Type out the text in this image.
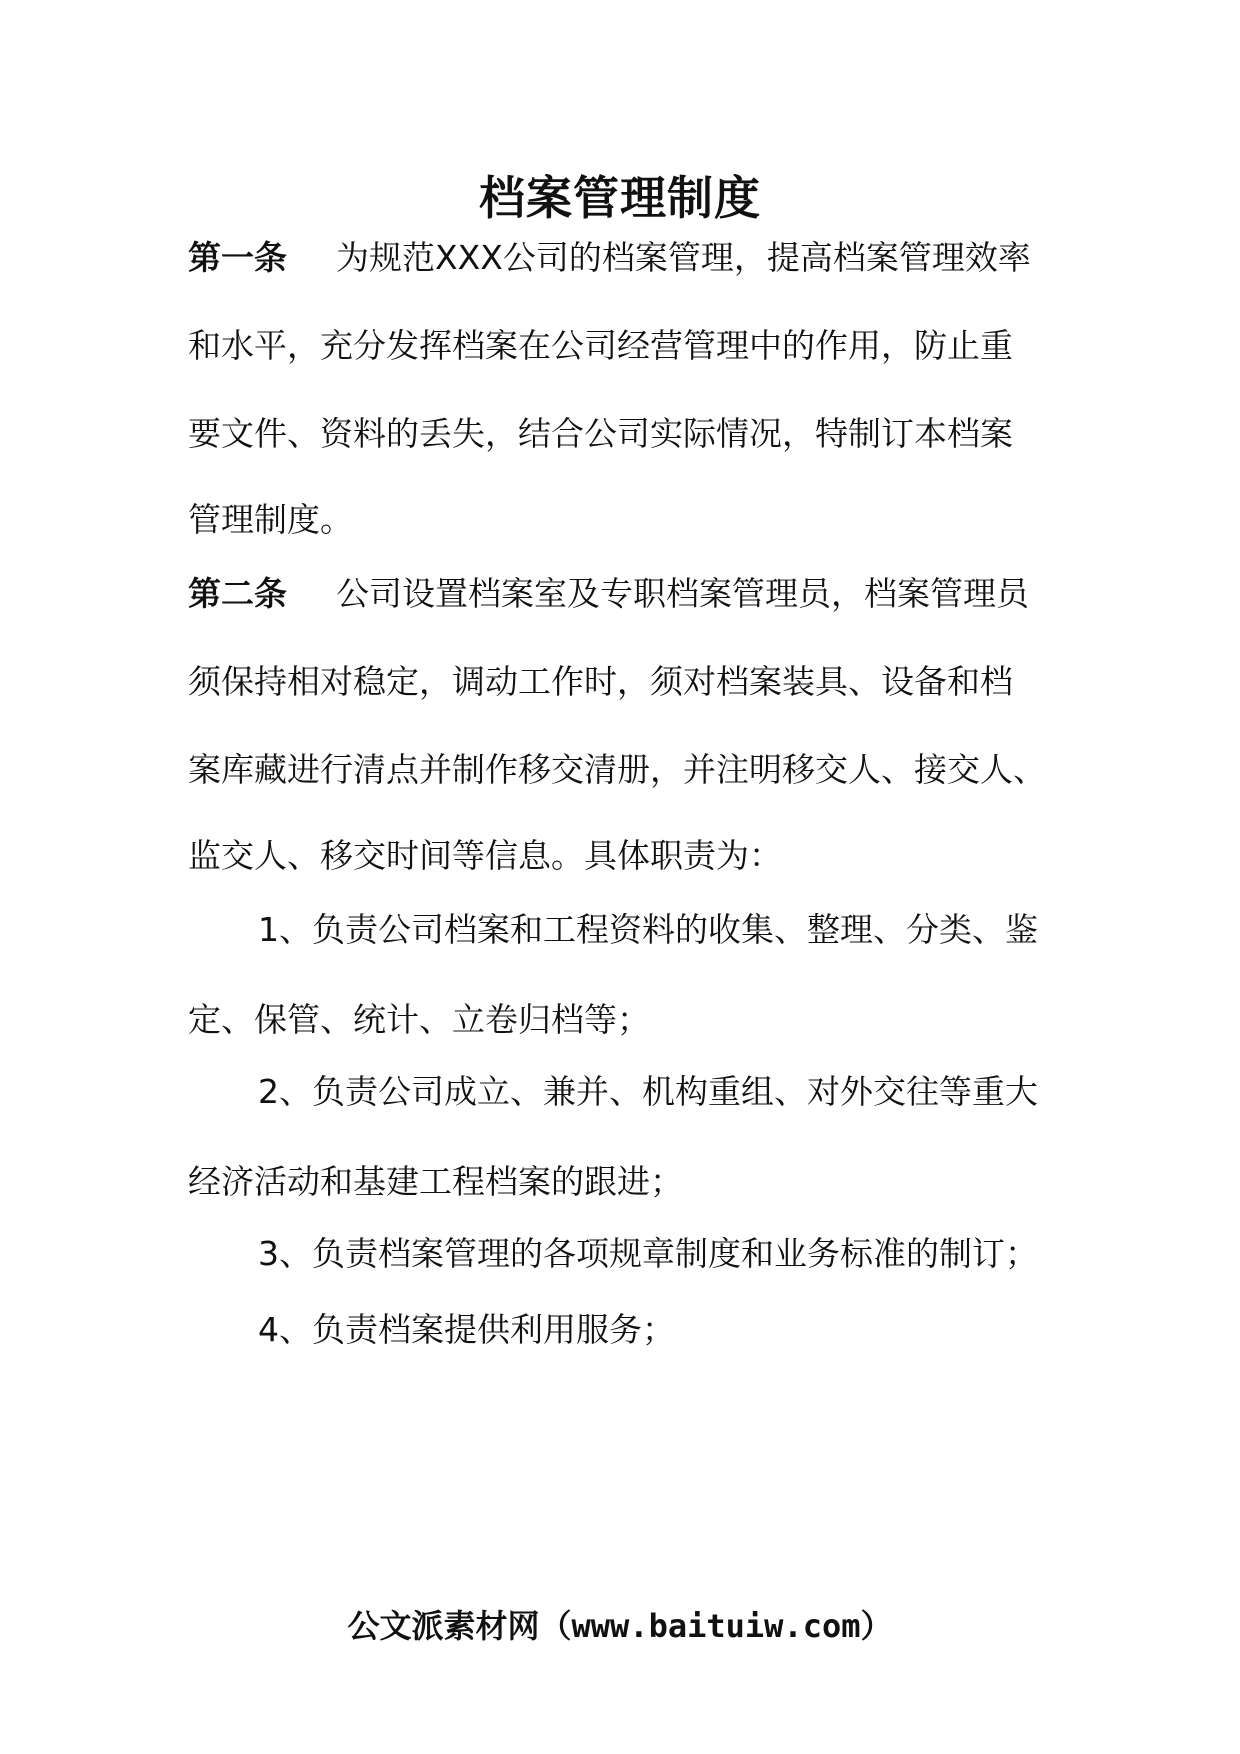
档案管理制度
第一条 为规范XXX公司的档案管理，提高档案管理效率
和水平，充分发挥档案在公司经营管理中的作用，防止重
要文件、资料的丢失，结合公司实际情况，特制订本档案
管理制度。
第二条 公司设置档案室及专职档案管理员，档案管理员
须保持相对稳定，调动工作时，须对档案装具、设备和档
案库藏进行清点并制作移交清册，并注明移交人、接交人、
监交人、移交时间等信息。具体职责为：
1、负责公司档案和工程资料的收集、整理、分类、鉴
定、保管、统计、立卷归档等；
2、负责公司成立、兼并、机构重组、对外交往等重大
经济活动和基建工程档案的跟进；
3、负责档案管理的各项规章制度和业务标准的制订；
4、负责档案提供利用服务；
公文派素材网（www.baituiw.com）
